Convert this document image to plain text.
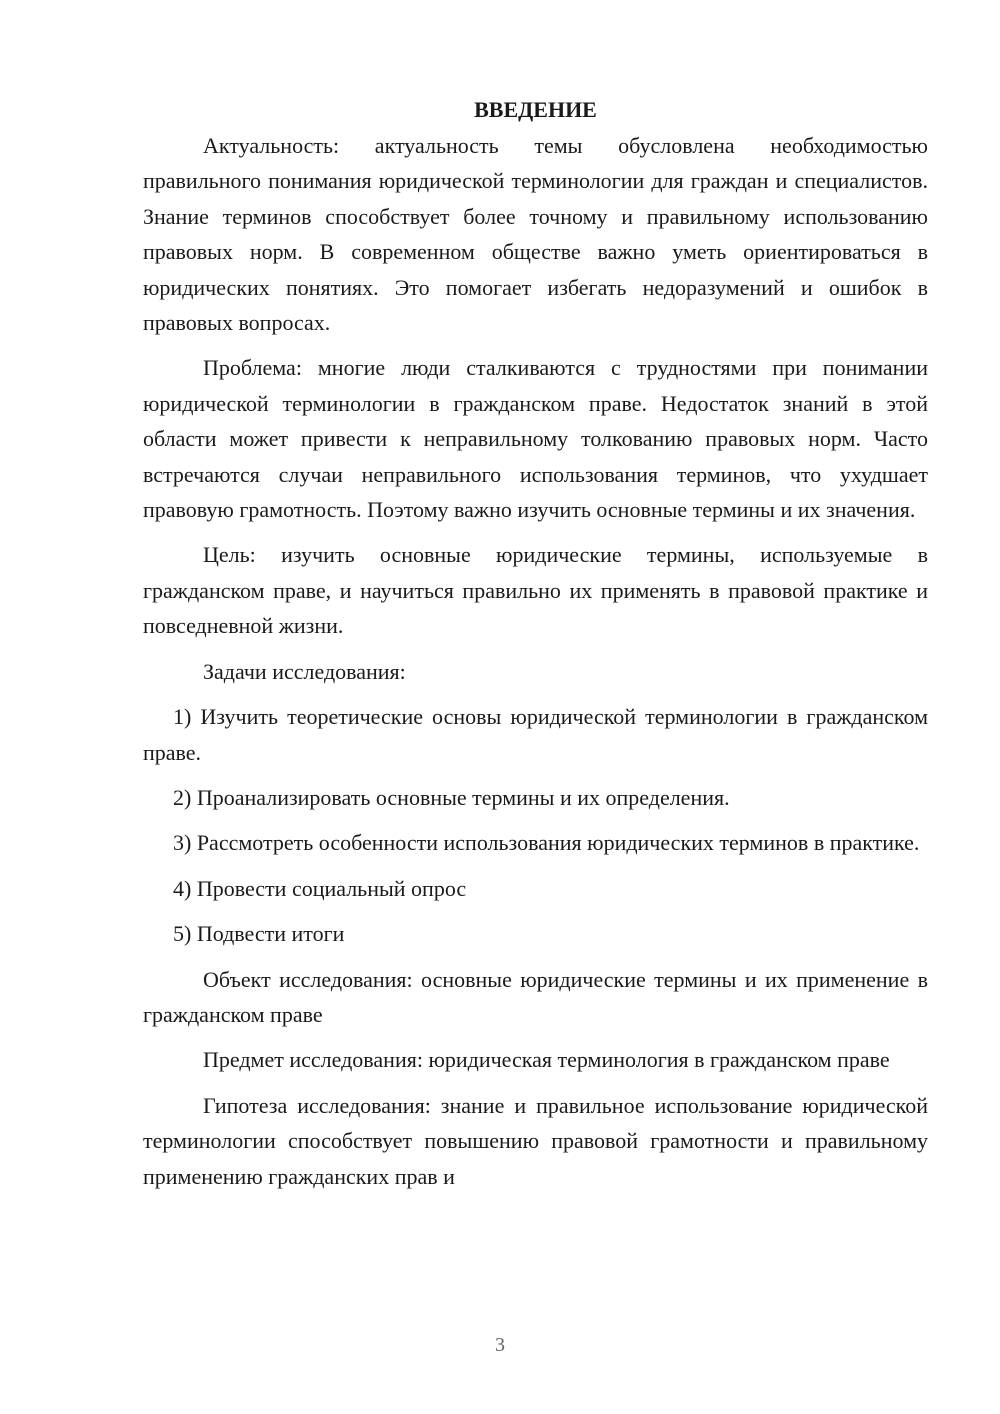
ВВЕДЕНИЕ

Актуальность: актуальность темы обусловлена необходимостью правильного понимания юридической терминологии для граждан и специалистов. Знание терминов способствует более точному и правильному использованию правовых норм. В современном обществе важно уметь ориентироваться в юридических понятиях. Это помогает избегать недоразумений и ошибок в правовых вопросах.

Проблема: многие люди сталкиваются с трудностями при понимании юридической терминологии в гражданском праве. Недостаток знаний в этой области может привести к неправильному толкованию правовых норм. Часто встречаются случаи неправильного использования терминов, что ухудшает правовую грамотность. Поэтому важно изучить основные термины и их значения.

Цель: изучить основные юридические термины, используемые в гражданском праве, и научиться правильно их применять в правовой практике и повседневной жизни.

Задачи исследования:

1) Изучить теоретические основы юридической терминологии в гражданском праве.

2) Проанализировать основные термины и их определения.

3) Рассмотреть особенности использования юридических терминов в практике.

4) Провести социальный опрос

5) Подвести итоги

Объект исследования: основные юридические термины и их применение в гражданском праве

Предмет исследования: юридическая терминология в гражданском праве

Гипотеза исследования: знание и правильное использование юридической терминологии способствует повышению правовой грамотности и правильному применению гражданских прав и

3
